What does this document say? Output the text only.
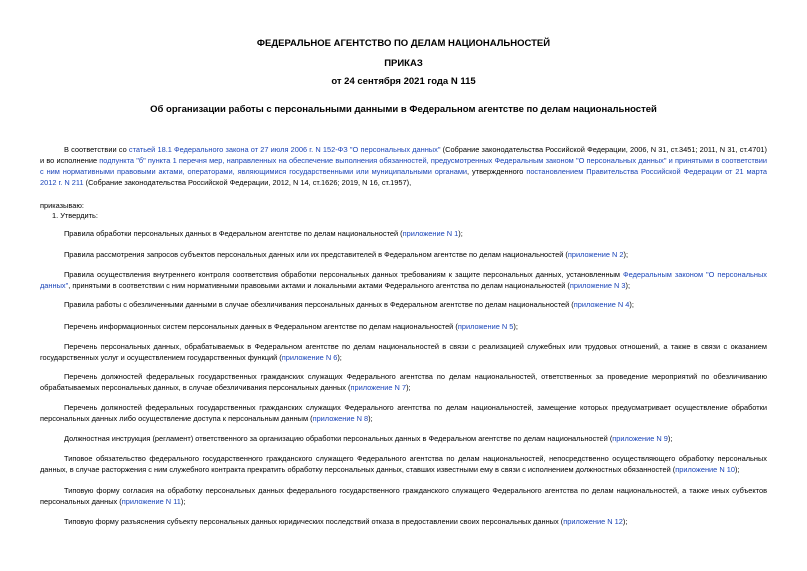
ФЕДЕРАЛЬНОЕ АГЕНТСТВО ПО ДЕЛАМ НАЦИОНАЛЬНОСТЕЙ
ПРИКАЗ
от 24 сентября 2021 года N 115
Об организации работы с персональными данными в Федеральном агентстве по делам национальностей
В соответствии со статьей 18.1 Федерального закона от 27 июля 2006 г. N 152-ФЗ "О персональных данных" (Собрание законодательства Российской Федерации, 2006, N 31, ст.3451; 2011, N 31, ст.4701) и во исполнение подпункта "б" пункта 1 перечня мер, направленных на обеспечение выполнения обязанностей, предусмотренных Федеральным законом "О персональных данных" и принятыми в соответствии с ним нормативными правовыми актами, операторами, являющимися государственными или муниципальными органами, утвержденного постановлением Правительства Российской Федерации от 21 марта 2012 г. N 211 (Собрание законодательства Российской Федерации, 2012, N 14, ст.1626; 2019, N 16, ст.1957),
приказываю:
1. Утвердить:
Правила обработки персональных данных в Федеральном агентстве по делам национальностей (приложение N 1);
Правила рассмотрения запросов субъектов персональных данных или их представителей в Федеральном агентстве по делам национальностей (приложение N 2);
Правила осуществления внутреннего контроля соответствия обработки персональных данных требованиям к защите персональных данных, установленным Федеральным законом "О персональных данных", принятыми в соответствии с ним нормативными правовыми актами и локальными актами Федерального агентства по делам национальностей (приложение N 3);
Правила работы с обезличенными данными в случае обезличивания персональных данных в Федеральном агентстве по делам национальностей (приложение N 4);
Перечень информационных систем персональных данных в Федеральном агентстве по делам национальностей (приложение N 5);
Перечень персональных данных, обрабатываемых в Федеральном агентстве по делам национальностей в связи с реализацией служебных или трудовых отношений, а также в связи с оказанием государственных услуг и осуществлением государственных функций (приложение N 6);
Перечень должностей федеральных государственных гражданских служащих Федерального агентства по делам национальностей, ответственных за проведение мероприятий по обезличиванию обрабатываемых персональных данных, в случае обезличивания персональных данных (приложение N 7);
Перечень должностей федеральных государственных гражданских служащих Федерального агентства по делам национальностей, замещение которых предусматривает осуществление обработки персональных данных либо осуществление доступа к персональным данным (приложение N 8);
Должностная инструкция (регламент) ответственного за организацию обработки персональных данных в Федеральном агентстве по делам национальностей (приложение N 9);
Типовое обязательство федерального государственного гражданского служащего Федерального агентства по делам национальностей, непосредственно осуществляющего обработку персональных данных, в случае расторжения с ним служебного контракта прекратить обработку персональных данных, ставших известными ему в связи с исполнением должностных обязанностей (приложение N 10);
Типовую форму согласия на обработку персональных данных федерального государственного гражданского служащего Федерального агентства по делам национальностей, а также иных субъектов персональных данных (приложение N 11);
Типовую форму разъяснения субъекту персональных данных юридических последствий отказа в предоставлении своих персональных данных (приложение N 12);
